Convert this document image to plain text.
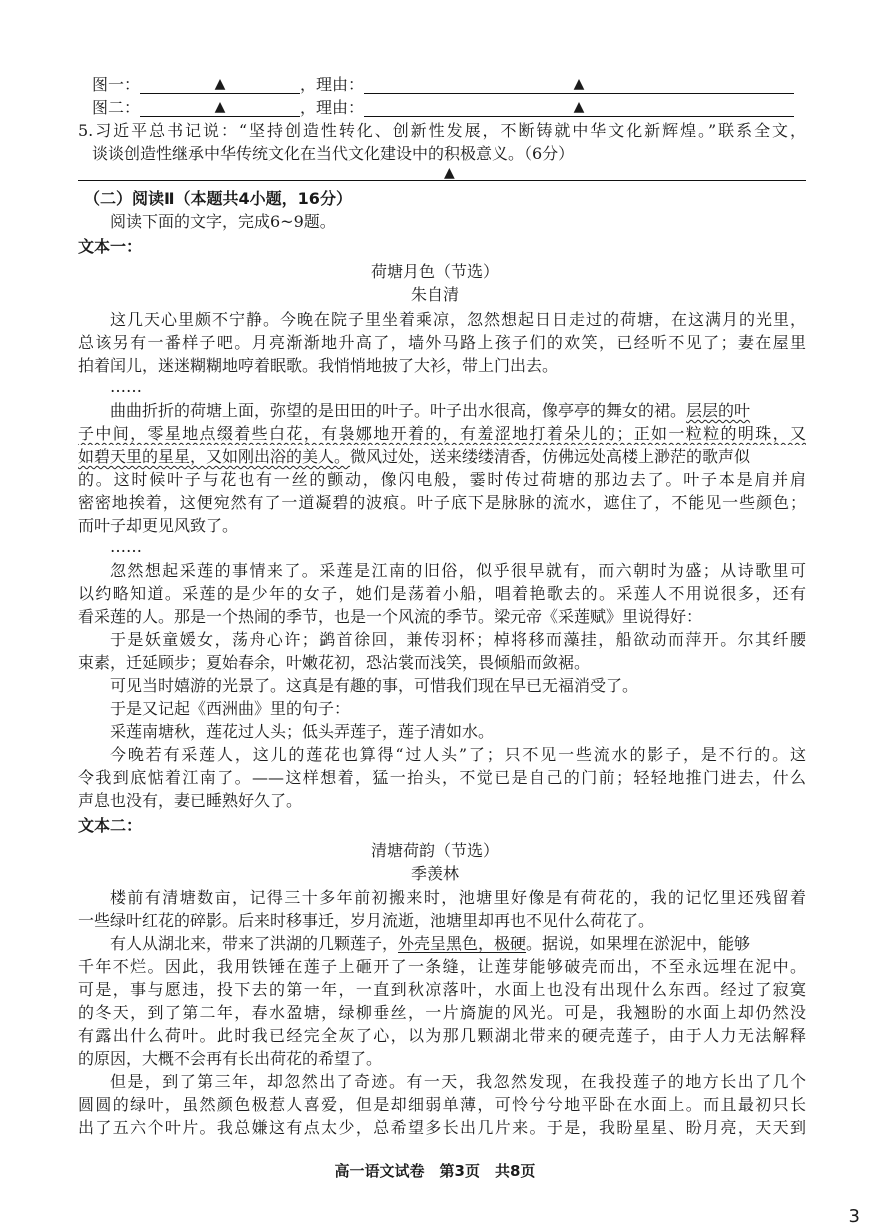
图一：	▲	，理由：	▲
图二：	▲	，理由：	▲
5.习近平总书记说：“坚持创造性转化、创新性发展，不断铸就中华文化新辉煌。”联系全文，
谈谈创造性继承中华传统文化在当代文化建设中的积极意义。（6分）
▲
（二）阅读Ⅱ（本题共4小题，16分）
阅读下面的文字，完成6~9题。
文本一：
荷塘月色（节选）
朱自清
这几天心里颇不宁静。今晚在院子里坐着乘凉，忽然想起日日走过的荷塘，在这满月的光里，
总该另有一番样子吧。月亮渐渐地升高了，墙外马路上孩子们的欢笑，已经听不见了；妻在屋里
拍着闰儿，迷迷糊糊地哼着眠歌。我悄悄地披了大衫，带上门出去。
……
曲曲折折的荷塘上面，弥望的是田田的叶子。叶子出水很高，像亭亭的舞女的裙。层层的叶
子中间，零星地点缀着些白花，有袅娜地开着的，有羞涩地打着朵儿的；正如一粒粒的明珠，又
如碧天里的星星，又如刚出浴的美人。微风过处，送来缕缕清香，仿佛远处高楼上渺茫的歌声似
的。这时候叶子与花也有一丝的颤动，像闪电般，霎时传过荷塘的那边去了。叶子本是肩并肩
密密地挨着，这便宛然有了一道凝碧的波痕。叶子底下是脉脉的流水，遮住了，不能见一些颜色；
而叶子却更见风致了。
……
忽然想起采莲的事情来了。采莲是江南的旧俗，似乎很早就有，而六朝时为盛；从诗歌里可
以约略知道。采莲的是少年的女子，她们是荡着小船，唱着艳歌去的。采莲人不用说很多，还有
看采莲的人。那是一个热闹的季节，也是一个风流的季节。梁元帝《采莲赋》里说得好：
于是妖童媛女，荡舟心许；鹢首徐回，兼传羽杯；棹将移而藻挂，船欲动而萍开。尔其纤腰
束素，迁延顾步；夏始春余，叶嫩花初，恐沾裳而浅笑，畏倾船而敛裾。
可见当时嬉游的光景了。这真是有趣的事，可惜我们现在早已无福消受了。
于是又记起《西洲曲》里的句子：
采莲南塘秋，莲花过人头；低头弄莲子，莲子清如水。
今晚若有采莲人，这儿的莲花也算得“过人头”了；只不见一些流水的影子，是不行的。这
令我到底惦着江南了。——这样想着，猛一抬头，不觉已是自己的门前；轻轻地推门进去，什么
声息也没有，妻已睡熟好久了。
文本二：
清塘荷韵（节选）
季羡林
楼前有清塘数亩，记得三十多年前初搬来时，池塘里好像是有荷花的，我的记忆里还残留着
一些绿叶红花的碎影。后来时移事迁，岁月流逝，池塘里却再也不见什么荷花了。
有人从湖北来，带来了洪湖的几颗莲子，外壳呈黑色，极硬。据说，如果埋在淤泥中，能够
千年不烂。因此，我用铁锤在莲子上砸开了一条缝，让莲芽能够破壳而出，不至永远埋在泥中。
可是，事与愿违，投下去的第一年，一直到秋凉落叶，水面上也没有出现什么东西。经过了寂寞
的冬天，到了第二年，春水盈塘，绿柳垂丝，一片旖旎的风光。可是，我翘盼的水面上却仍然没
有露出什么荷叶。此时我已经完全灰了心，以为那几颗湖北带来的硬壳莲子，由于人力无法解释
的原因，大概不会再有长出荷花的希望了。
但是，到了第三年，却忽然出了奇迹。有一天，我忽然发现，在我投莲子的地方长出了几个
圆圆的绿叶，虽然颜色极惹人喜爱，但是却细弱单薄，可怜兮兮地平卧在水面上。而且最初只长
出了五六个叶片。我总嫌这有点太少，总希望多长出几片来。于是，我盼星星、盼月亮，天天到
高一语文试卷　第3页　共8页
3
